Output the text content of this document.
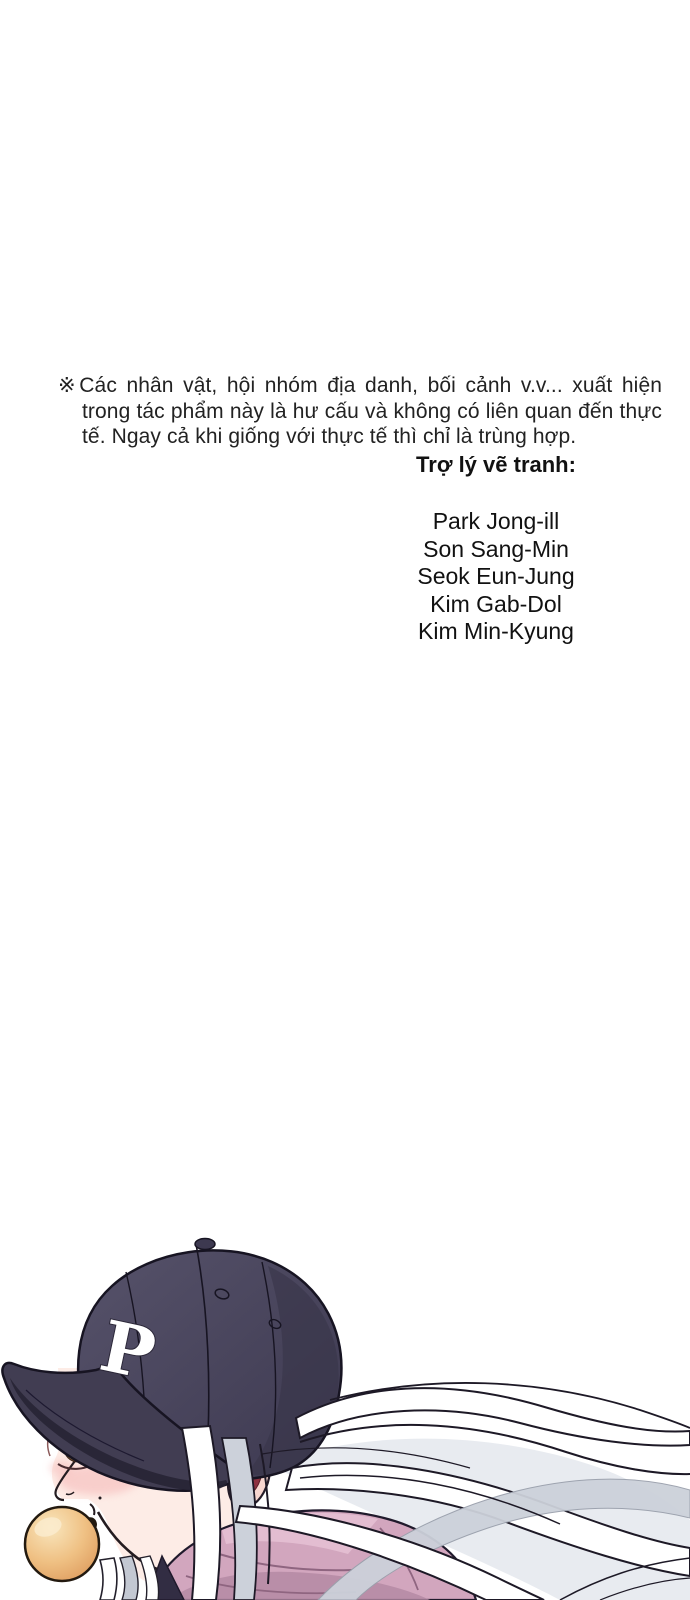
※Các nhân vật, hội nhóm địa danh, bối cảnh v.v... xuất hiện trong tác phẩm này là hư cấu và không có liên quan đến thực tế. Ngay cả khi giống với thực tế thì chỉ là trùng hợp.

Trợ lý vẽ tranh:
Park Jong-ill
Son Sang-Min
Seok Eun-Jung
Kim Gab-Dol
Kim Min-Kyung
P
